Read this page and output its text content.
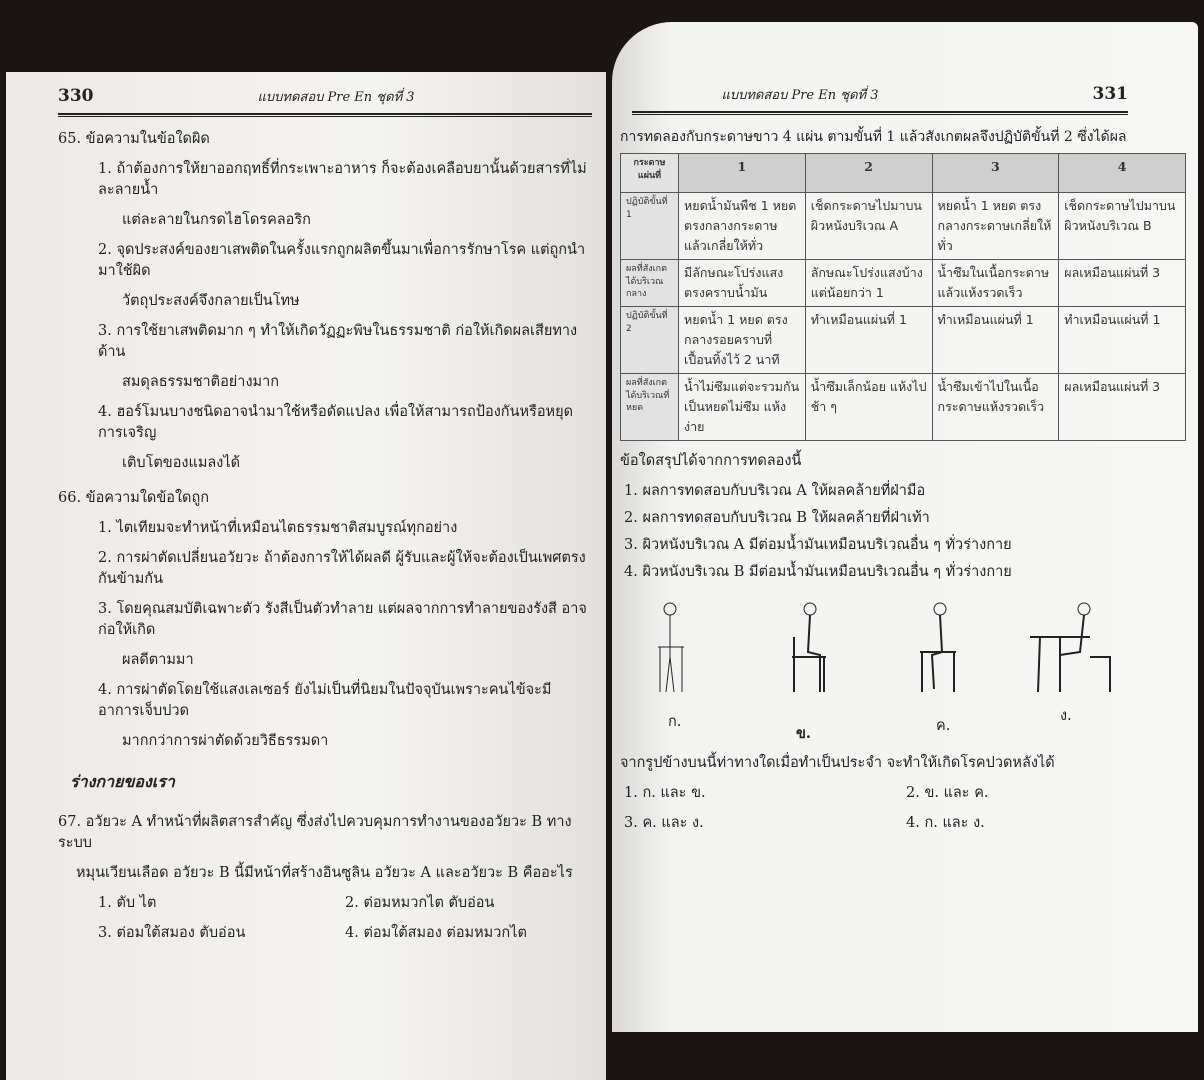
330	แบบทดสอบ Pre En ชุดที่ 3
65. ข้อความในข้อใดผิด
1. ถ้าต้องการให้ยาออกฤทธิ์ที่กระเพาะอาหาร ก็จะต้องเคลือบยานั้นด้วยสารที่ไม่ละลายน้ำ
แต่ละลายในกรดไฮโดรคลอริก
2. จุดประสงค์ของยาเสพติดในครั้งแรกถูกผลิตขึ้นมาเพื่อการรักษาโรค แต่ถูกนำมาใช้ผิด
วัตถุประสงค์จึงกลายเป็นโทษ
3. การใช้ยาเสพติดมาก ๆ ทำให้เกิดวัฏฏะพิษในธรรมชาติ ก่อให้เกิดผลเสียทางด้าน
สมดุลธรรมชาติอย่างมาก
4. ฮอร์โมนบางชนิดอาจนำมาใช้หรือดัดแปลง เพื่อให้สามารถป้องกันหรือหยุดการเจริญ
เติบโตของแมลงได้
66. ข้อความใดข้อใดถูก
1. ไตเทียมจะทำหน้าที่เหมือนไตธรรมชาติสมบูรณ์ทุกอย่าง
2. การผ่าตัดเปลี่ยนอวัยวะ ถ้าต้องการให้ได้ผลดี ผู้รับและผู้ให้จะต้องเป็นเพศตรงกันข้ามกัน
3. โดยคุณสมบัติเฉพาะตัว รังสีเป็นตัวทำลาย แต่ผลจากการทำลายของรังสี อาจก่อให้เกิด
ผลดีตามมา
4. การผ่าตัดโดยใช้แสงเลเซอร์ ยังไม่เป็นที่นิยมในปัจจุบันเพราะคนไข้จะมีอาการเจ็บปวด
มากกว่าการผ่าตัดด้วยวิธีธรรมดา
ร่างกายของเรา
67. อวัยวะ A ทำหน้าที่ผลิตสารสำคัญ ซึ่งส่งไปควบคุมการทำงานของอวัยวะ B ทางระบบ
หมุนเวียนเลือด อวัยวะ B นี้มีหน้าที่สร้างอินซูลิน อวัยวะ A และอวัยวะ B คืออะไร
1. ตับ ไต	2. ต่อมหมวกไต ตับอ่อน
3. ต่อมใต้สมอง ตับอ่อน	4. ต่อมใต้สมอง ต่อมหมวกไต
แบบทดสอบ Pre En ชุดที่ 3	331
การทดลองกับกระดาษขาว 4 แผ่น ตามขั้นที่ 1 แล้วสังเกตผลจึงปฏิบัติขั้นที่ 2 ซึ่งได้ผล
กระดาษแผ่นที่	1	2	3	4
ปฏิบัติขั้นที่ 1	หยดน้ำมันพืช 1 หยดตรงกลางกระดาษแล้วเกลี่ยให้ทั่ว	เช็ดกระดาษไปมาบนผิวหนังบริเวณ A	หยดน้ำ 1 หยด ตรงกลางกระดาษเกลี่ยให้ทั่ว	เช็ดกระดาษไปมาบนผิวหนังบริเวณ B
ผลที่สังเกตได้บริเวณกลาง	มีลักษณะโปร่งแสงตรงคราบน้ำมัน	ลักษณะโปร่งแสงบ้าง แต่น้อยกว่า 1	น้ำซึมในเนื้อกระดาษแล้วแห้งรวดเร็ว	ผลเหมือนแผ่นที่ 3
ปฏิบัติขั้นที่ 2	หยดน้ำ 1 หยด ตรงกลางรอยคราบที่เปื้อนทิ้งไว้ 2 นาที	ทำเหมือนแผ่นที่ 1	ทำเหมือนแผ่นที่ 1	ทำเหมือนแผ่นที่ 1
ผลที่สังเกตได้บริเวณที่หยด	น้ำไม่ซึมแต่จะรวมกันเป็นหยดไม่ซึม แห้งง่าย	น้ำซึมเล็กน้อย แห้งไปช้า ๆ	น้ำซึมเข้าไปในเนื้อกระดาษแห้งรวดเร็ว	ผลเหมือนแผ่นที่ 3
ข้อใดสรุปได้จากการทดลองนี้
1. ผลการทดสอบกับบริเวณ A ให้ผลคล้ายที่ฝ่ามือ
2. ผลการทดสอบกับบริเวณ B ให้ผลคล้ายที่ฝ่าเท้า
3. ผิวหนังบริเวณ A มีต่อมน้ำมันเหมือนบริเวณอื่น ๆ ทั่วร่างกาย
4. ผิวหนังบริเวณ B มีต่อมน้ำมันเหมือนบริเวณอื่น ๆ ทั่วร่างกาย
ก.
ข.	ค.
ง.
จากรูปข้างบนนี้ท่าทางใดเมื่อทำเป็นประจำ จะทำให้เกิดโรคปวดหลังได้
1. ก. และ ข.	2. ข. และ ค.
3. ค. และ ง.	4. ก. และ ง.
